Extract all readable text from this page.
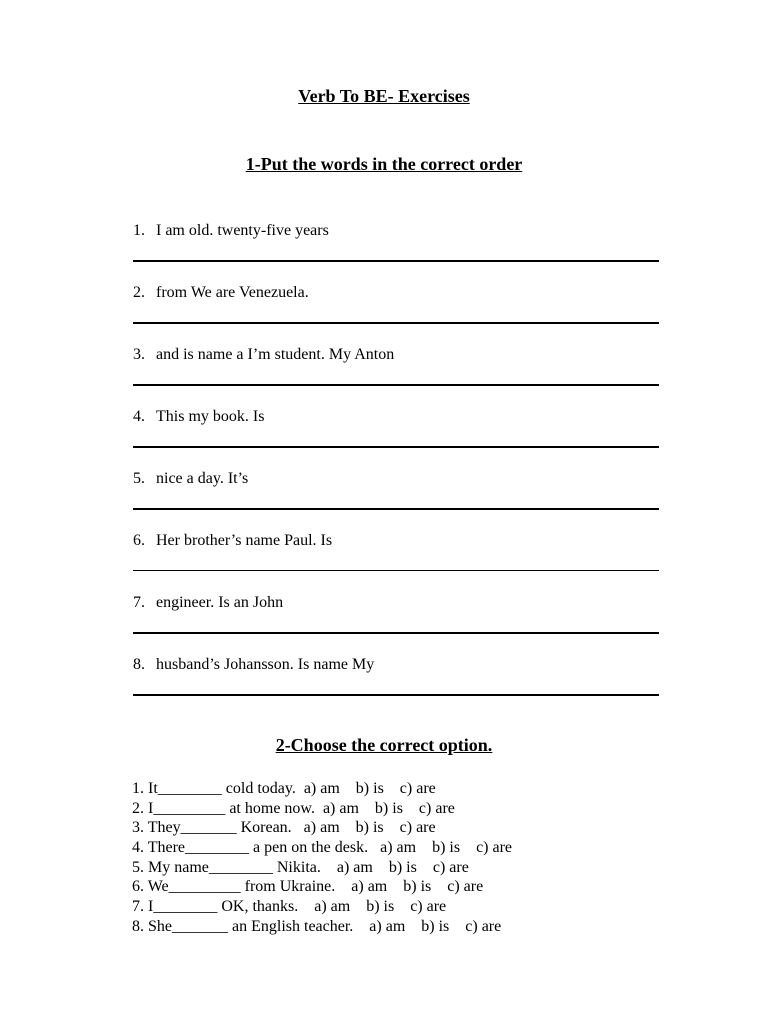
Verb To BE- Exercises
1-Put the words in the correct order
1. I am old. twenty-five years
2. from We are Venezuela.
3. and is name a I’m student. My Anton
4. This my book. Is
5. nice a day. It’s
6. Her brother’s name Paul. Is
7. engineer. Is an John
8. husband’s Johansson. Is name My
2-Choose the correct option.
1. It________ cold today.  a) am    b) is    c) are
2. I_________ at home now.  a) am    b) is    c) are
3. They_______ Korean.   a) am    b) is    c) are
4. There________ a pen on the desk.   a) am    b) is    c) are
5. My name________ Nikita.    a) am    b) is    c) are
6. We_________ from Ukraine.    a) am    b) is    c) are
7. I________ OK, thanks.    a) am    b) is    c) are
8. She_______ an English teacher.    a) am    b) is    c) are
